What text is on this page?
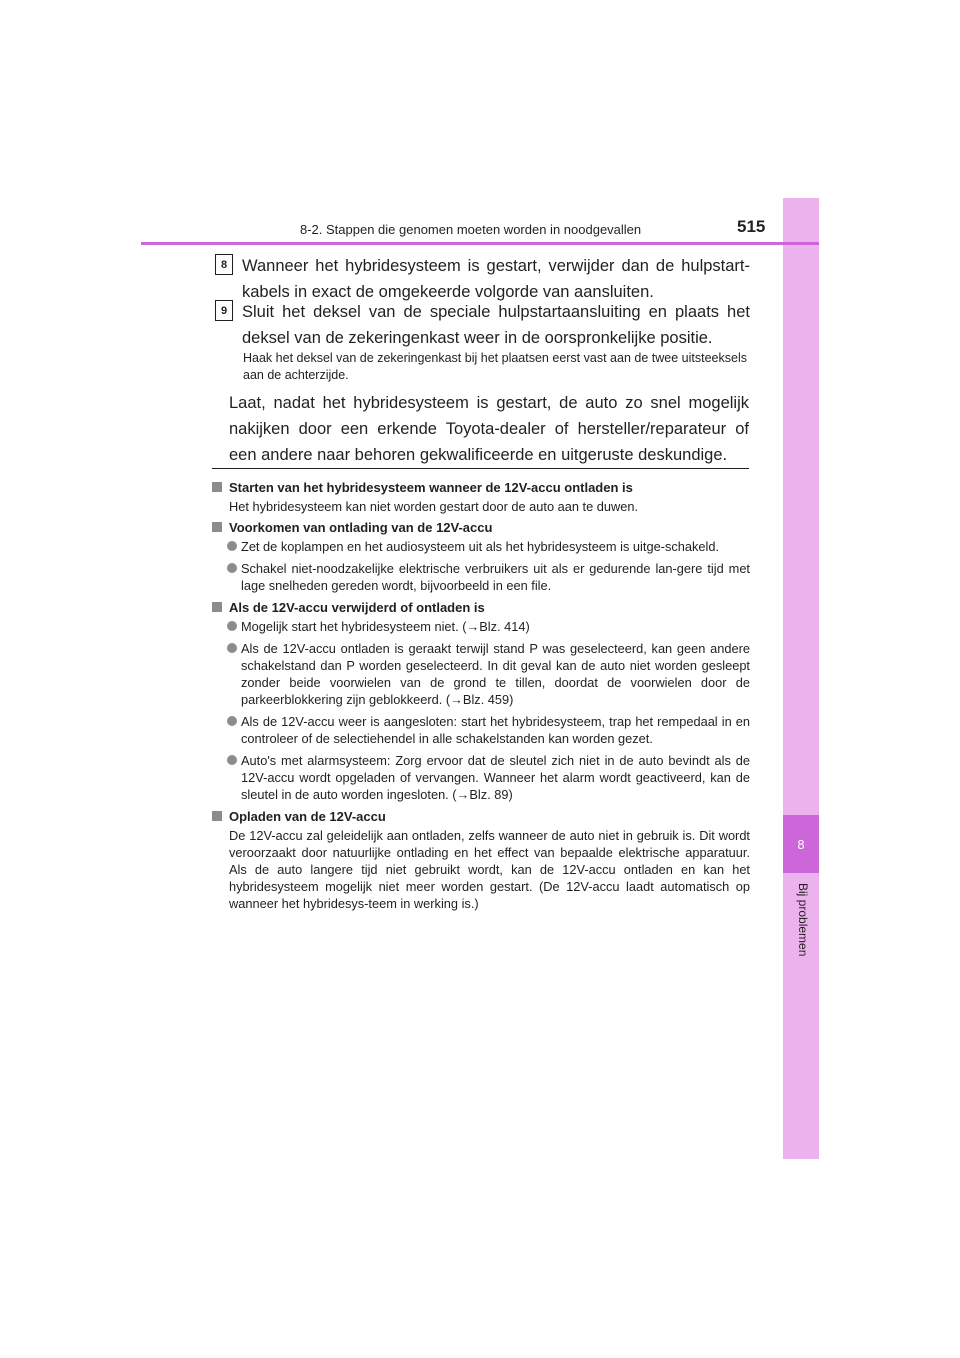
8
Bij problemen
8-2. Stappen die genomen moeten worden in noodgevallen	515
8 Wanneer het hybridesysteem is gestart, verwijder dan de hulpstart-kabels in exact de omgekeerde volgorde van aansluiten.
9 Sluit het deksel van de speciale hulpstartaansluiting en plaats het deksel van de zekeringenkast weer in de oorspronkelijke positie.
Haak het deksel van de zekeringenkast bij het plaatsen eerst vast aan de twee uitsteeksels aan de achterzijde.
Laat, nadat het hybridesysteem is gestart, de auto zo snel mogelijk nakijken door een erkende Toyota-dealer of hersteller/reparateur of een andere naar behoren gekwalificeerde en uitgeruste deskundige.
Starten van het hybridesysteem wanneer de 12V-accu ontladen is
Het hybridesysteem kan niet worden gestart door de auto aan te duwen.
Voorkomen van ontlading van de 12V-accu
Zet de koplampen en het audiosysteem uit als het hybridesysteem is uitge-schakeld.
Schakel niet-noodzakelijke elektrische verbruikers uit als er gedurende lan-gere tijd met lage snelheden gereden wordt, bijvoorbeeld in een file.
Als de 12V-accu verwijderd of ontladen is
Mogelijk start het hybridesysteem niet. (→Blz. 414)
Als de 12V-accu ontladen is geraakt terwijl stand P was geselecteerd, kan geen andere schakelstand dan P worden geselecteerd. In dit geval kan de auto niet worden gesleept zonder beide voorwielen van de grond te tillen, doordat de voorwielen door de parkeerblokkering zijn geblokkeerd. (→Blz. 459)
Als de 12V-accu weer is aangesloten: start het hybridesysteem, trap het rempedaal in en controleer of de selectiehendel in alle schakelstanden kan worden gezet.
Auto's met alarmsysteem: Zorg ervoor dat de sleutel zich niet in de auto bevindt als de 12V-accu wordt opgeladen of vervangen. Wanneer het alarm wordt geactiveerd, kan de sleutel in de auto worden ingesloten. (→Blz. 89)
Opladen van de 12V-accu
De 12V-accu zal geleidelijk aan ontladen, zelfs wanneer de auto niet in gebruik is. Dit wordt veroorzaakt door natuurlijke ontlading en het effect van bepaalde elektrische apparatuur. Als de auto langere tijd niet gebruikt wordt, kan de 12V-accu ontladen en kan het hybridesysteem mogelijk niet meer worden gestart. (De 12V-accu laadt automatisch op wanneer het hybridesys-teem in werking is.)
